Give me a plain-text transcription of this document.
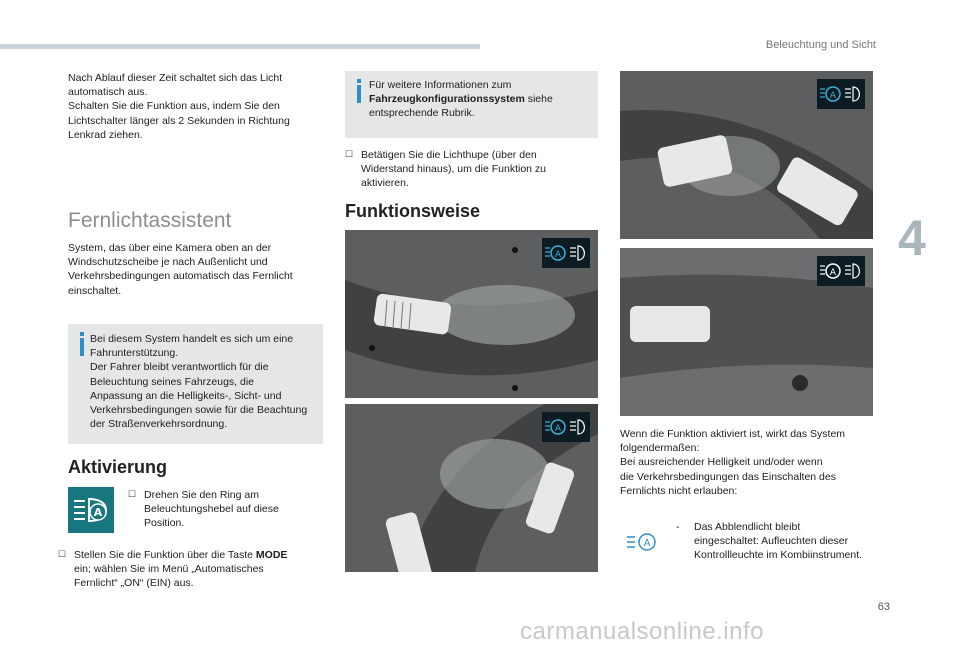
Beleuchtung und Sicht
4

Nach Ablauf dieser Zeit schaltet sich das Licht

automatisch aus.

Schalten Sie die Funktion aus, indem Sie den

Lichtschalter länger als 2 Sekunden in Richtung

Lenkrad ziehen.

Fernlichtassistent

System, das über eine Kamera oben an der

Windschutzscheibe je nach Außenlicht und

Verkehrsbedingungen automatisch das Fernlicht

einschaltet.

Bei diesem System handelt es sich um eine

Fahrunterstützung.

Der Fahrer bleibt verantwortlich für die

Beleuchtung seines Fahrzeugs, die

Anpassung an die Helligkeits-, Sicht- und

Verkehrsbedingungen sowie für die Beachtung

der Straßenverkehrsordnung.

Aktivierung
A
☐ Drehen Sie den Ring am

Beleuchtungshebel auf diese

Position.

☐ Stellen Sie die Funktion über die Taste MODE

ein; wählen Sie im Menü „Automatisches

Fernlicht“ „ON“ (EIN) aus.

Für weitere Informationen zum

Fahrzeugkonfigurationssystem siehe

entsprechende Rubrik.

☐ Betätigen Sie die Lichthupe (über den

Widerstand hinaus), um die Funktion zu

aktivieren.

Funktionsweise
A
A
A
A

Wenn die Funktion aktiviert ist, wirkt das System

folgendermaßen:

Bei ausreichender Helligkeit und/oder wenn

die Verkehrsbedingungen das Einschalten des

Fernlichts nicht erlauben:

A
- Das Abblendlicht bleibt

eingeschaltet: Aufleuchten dieser

Kontrollleuchte im Kombiinstrument.

63
carmanualsonline.info
